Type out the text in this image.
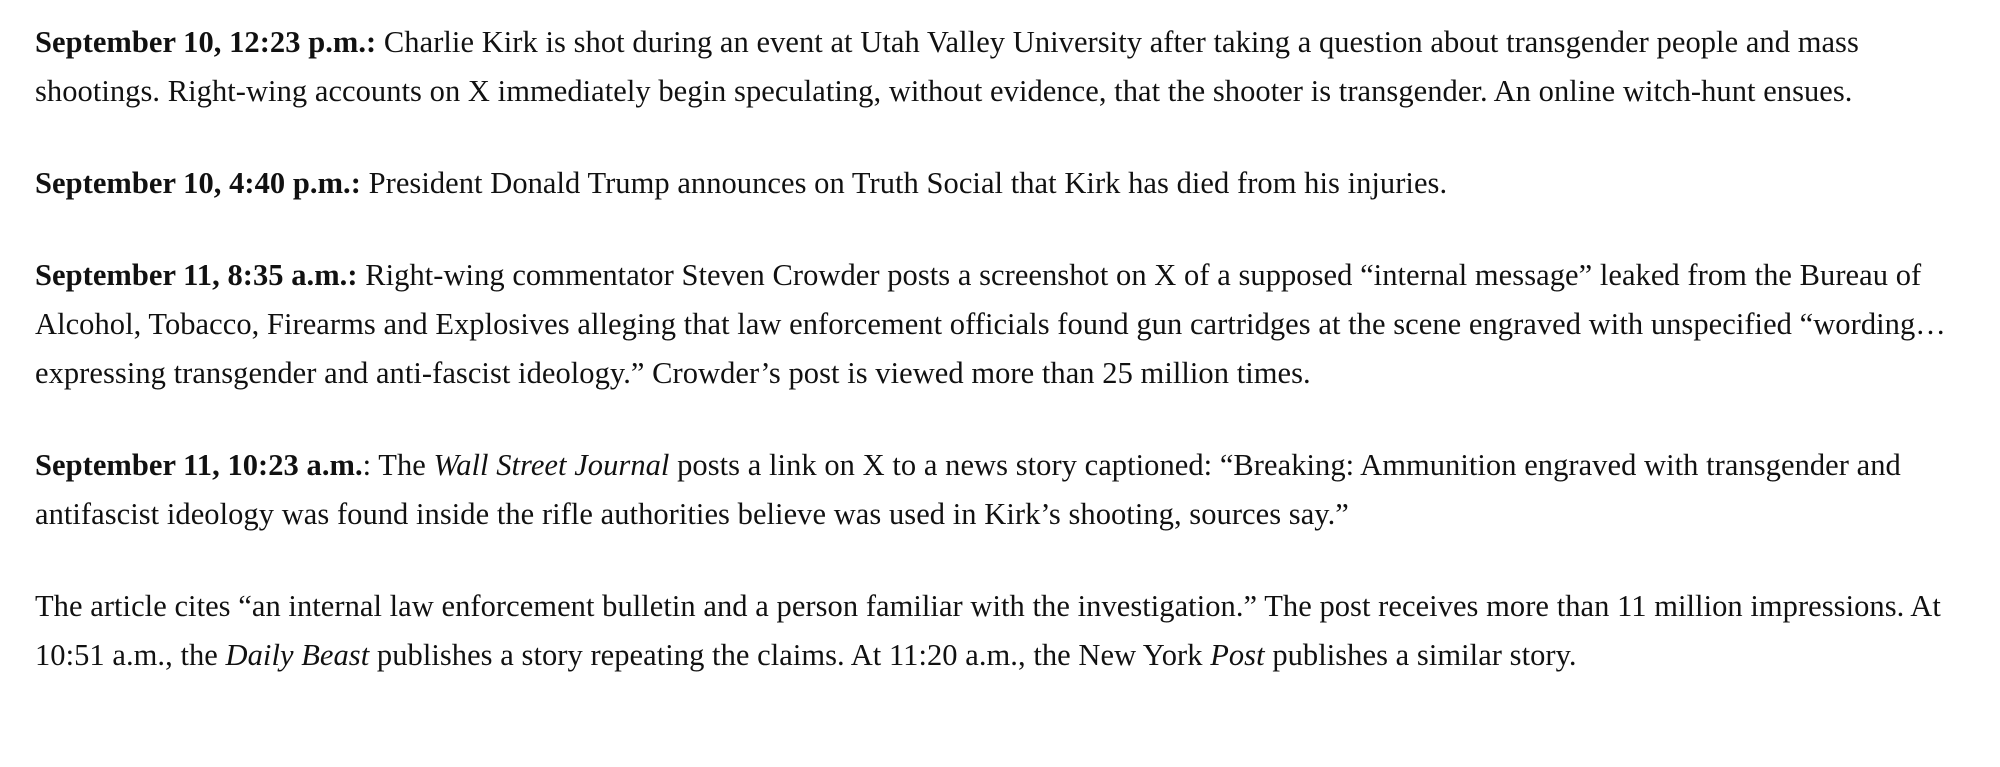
September 10, 12:23 p.m.: Charlie Kirk is shot during an event at Utah Valley University after taking a question about transgender people and mass shootings. Right-wing accounts on X immediately begin speculating, without evidence, that the shooter is transgender. An online witch-hunt ensues.

September 10, 4:40 p.m.: President Donald Trump announces on Truth Social that Kirk has died from his injuries.

September 11, 8:35 a.m.: Right-wing commentator Steven Crowder posts a screenshot on X of a supposed “internal message” leaked from the Bureau of Alcohol, Tobacco, Firearms and Explosives alleging that law enforcement officials found gun cartridges at the scene engraved with unspecified “wording…expressing transgender and anti-fascist ideology.” Crowder’s post is viewed more than 25 million times.

September 11, 10:23 a.m.: The Wall Street Journal posts a link on X to a news story captioned: “Breaking: Ammunition engraved with transgender and antifascist ideology was found inside the rifle authorities believe was used in Kirk’s shooting, sources say.”

The article cites “an internal law enforcement bulletin and a person familiar with the investigation.” The post receives more than 11 million impressions. At 10:51 a.m., the Daily Beast publishes a story repeating the claims. At 11:20 a.m., the New York Post publishes a similar story.
